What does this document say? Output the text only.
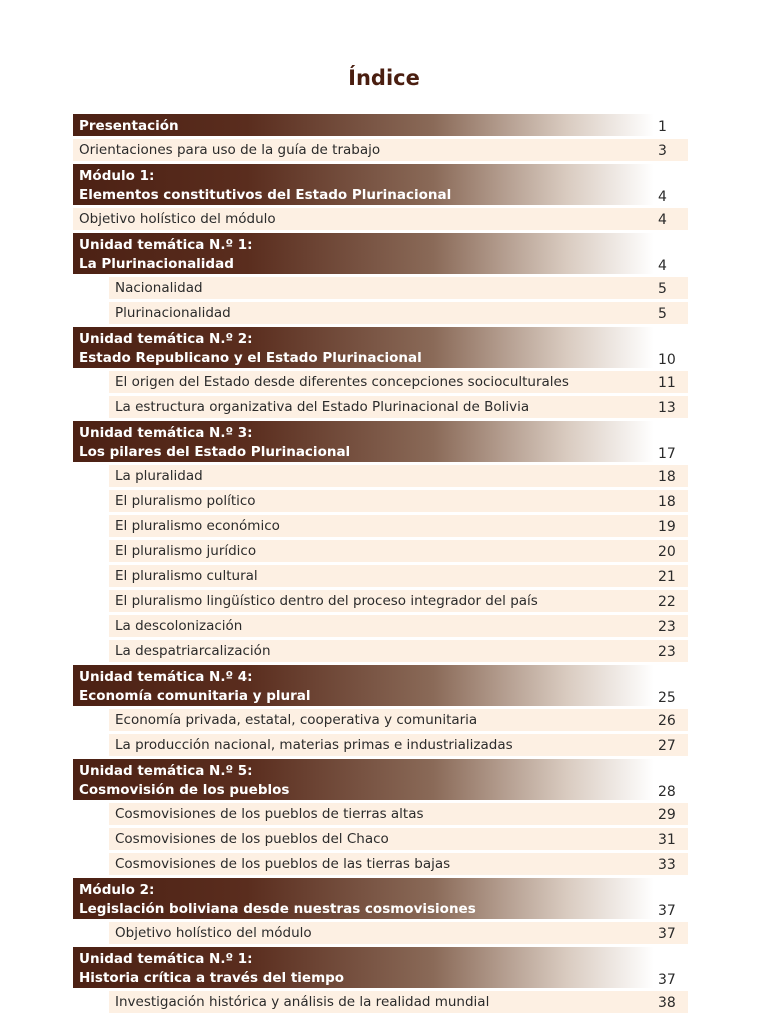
Índice
Presentación	1
Orientaciones para uso de la guía de trabajo	3
Módulo 1:
Elementos constitutivos del Estado Plurinacional	4
Objetivo holístico del módulo	4
Unidad temática N.º 1:
La Plurinacionalidad	4
Nacionalidad	5
Plurinacionalidad	5
Unidad temática N.º 2:
Estado Republicano y el Estado Plurinacional	10
El origen del Estado desde diferentes concepciones socioculturales	11
La estructura organizativa del Estado Plurinacional de Bolivia	13
Unidad temática N.º 3:
Los pilares del Estado Plurinacional	17
La pluralidad	18
El pluralismo político	18
El pluralismo económico	19
El pluralismo jurídico	20
El pluralismo cultural	21
El pluralismo lingüístico dentro del proceso integrador del país	22
La descolonización	23
La despatriarcalización	23
Unidad temática N.º 4:
Economía comunitaria y plural	25
Economía privada, estatal, cooperativa y comunitaria	26
La producción nacional, materias primas e industrializadas	27
Unidad temática N.º 5:
Cosmovisión de los pueblos	28
Cosmovisiones de los pueblos de tierras altas	29
Cosmovisiones de los pueblos del Chaco	31
Cosmovisiones de los pueblos de las tierras bajas	33
Módulo 2:
Legislación boliviana desde nuestras cosmovisiones	37
Objetivo holístico del módulo	37
Unidad temática N.º 1:
Historia crítica a través del tiempo	37
Investigación histórica y análisis de la realidad mundial	38
